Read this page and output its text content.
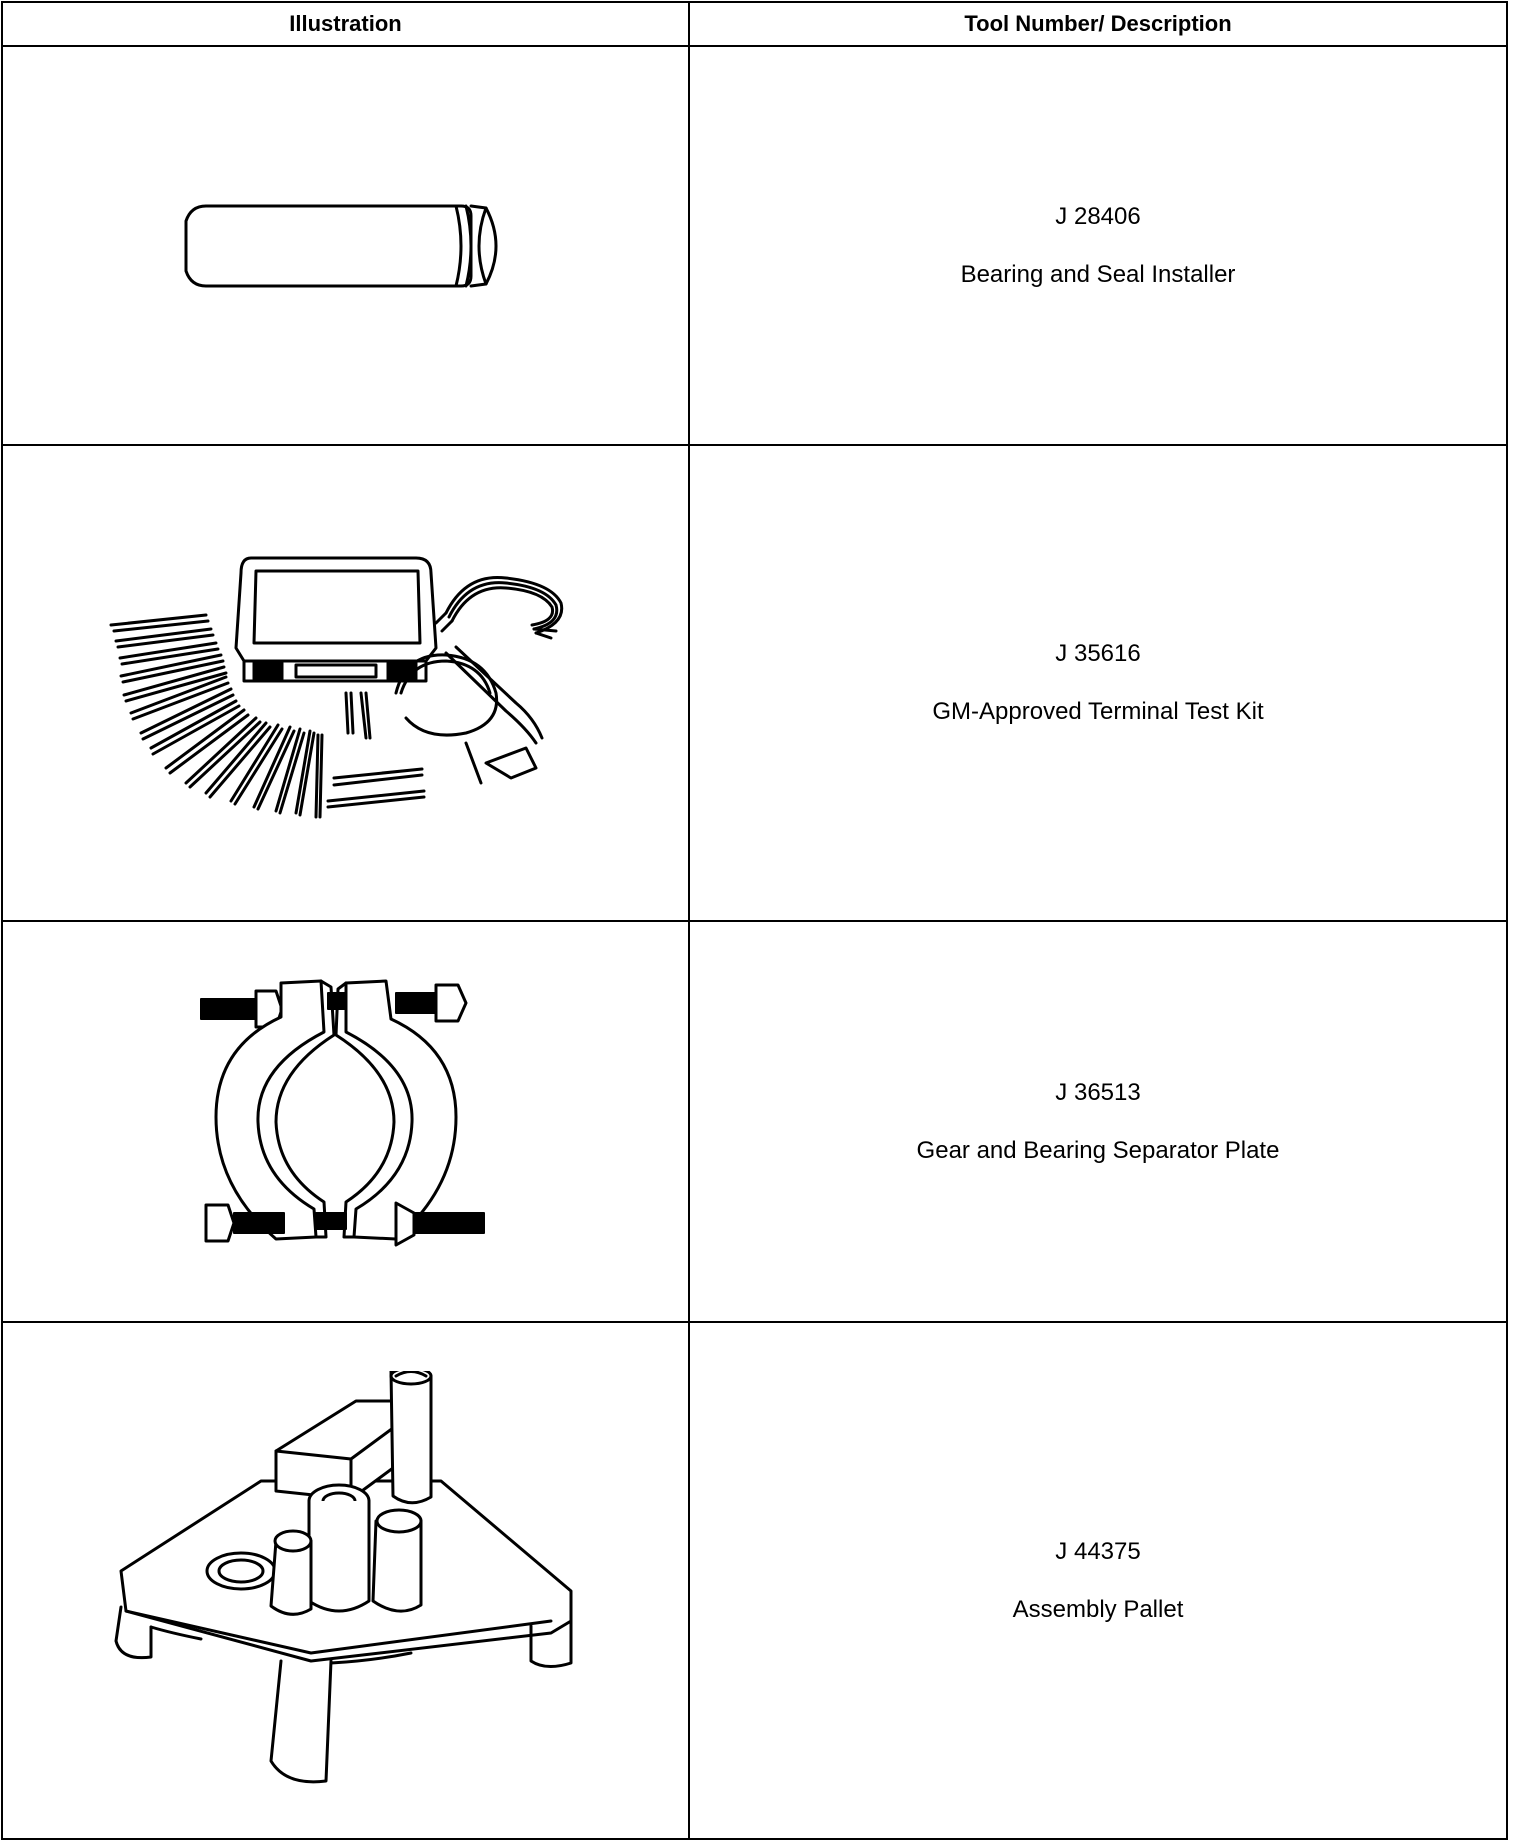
Illustration	Tool Number/ Description

J 28406
Bearing and Seal Installer

J 35616
GM-Approved Terminal Test Kit

J 36513
Gear and Bearing Separator Plate

J 44375
Assembly Pallet
